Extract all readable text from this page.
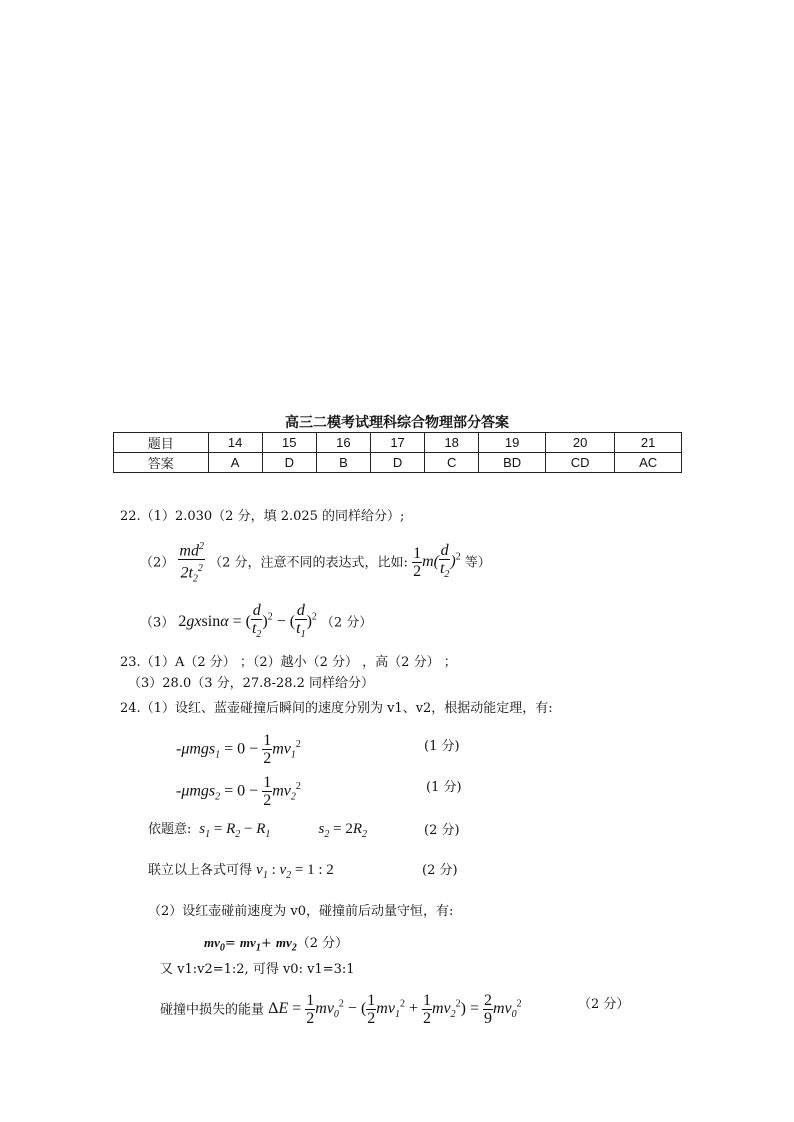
高三二模考试理科综合物理部分答案
题目	14	15	16	17	18	19	20	21
答案	A	D	B	D	C	BD	CD	AC
22.（1）2.030（2 分，填 2.025 的同样给分）;
$(2) \frac{md^2}{2t_2^2} (2$ 分，注意不同的表达式，比如: $\frac{1}{2} m( \frac{d}{t_2} )^2$ 等）
（3） 2gxsinα = ( $\frac{d}{t_2} )^2$ − ( $\frac{d}{t_1} )^2$ （2 分）
23.（1）A（2 分） ；（2）越小（2 分） ，高（2 分） ；
（3）28.0（3 分，27.8-28.2 同样给分）
24.（1）设红、蓝壶碰撞后瞬间的速度分别为 v1、v2，根据动能定理，有:
$-\mu mgs_1 = 0 - \frac{1}{2} mv_1^2$	(1 分)
$-\mu mgs_2 = 0 - \frac{1}{2} mv_2^2$	(1 分)
依题意:  $s_1 = R_2 - R_1$	$s_2 = 2R_2$	(2 分)
联立以上各式可得 $v_1$ : $v_2 = 1$ : 2	(2 分)
（2）设红壶碰前速度为 v0，碰撞前后动量守恒，有:
$mv_0= mv_1+ mv_2(2$ 分）
又 v1:v2=1:2, 可得 v0: v1=3:1
碰撞中损失的能量 $\Delta E = \frac{1}{2} mv_0^2$ − ( $\frac{1}{2} mv_1^2 + \frac{1}{2} mv_2^2) = \frac{2}{9} mv_0^2$	（2 分）
